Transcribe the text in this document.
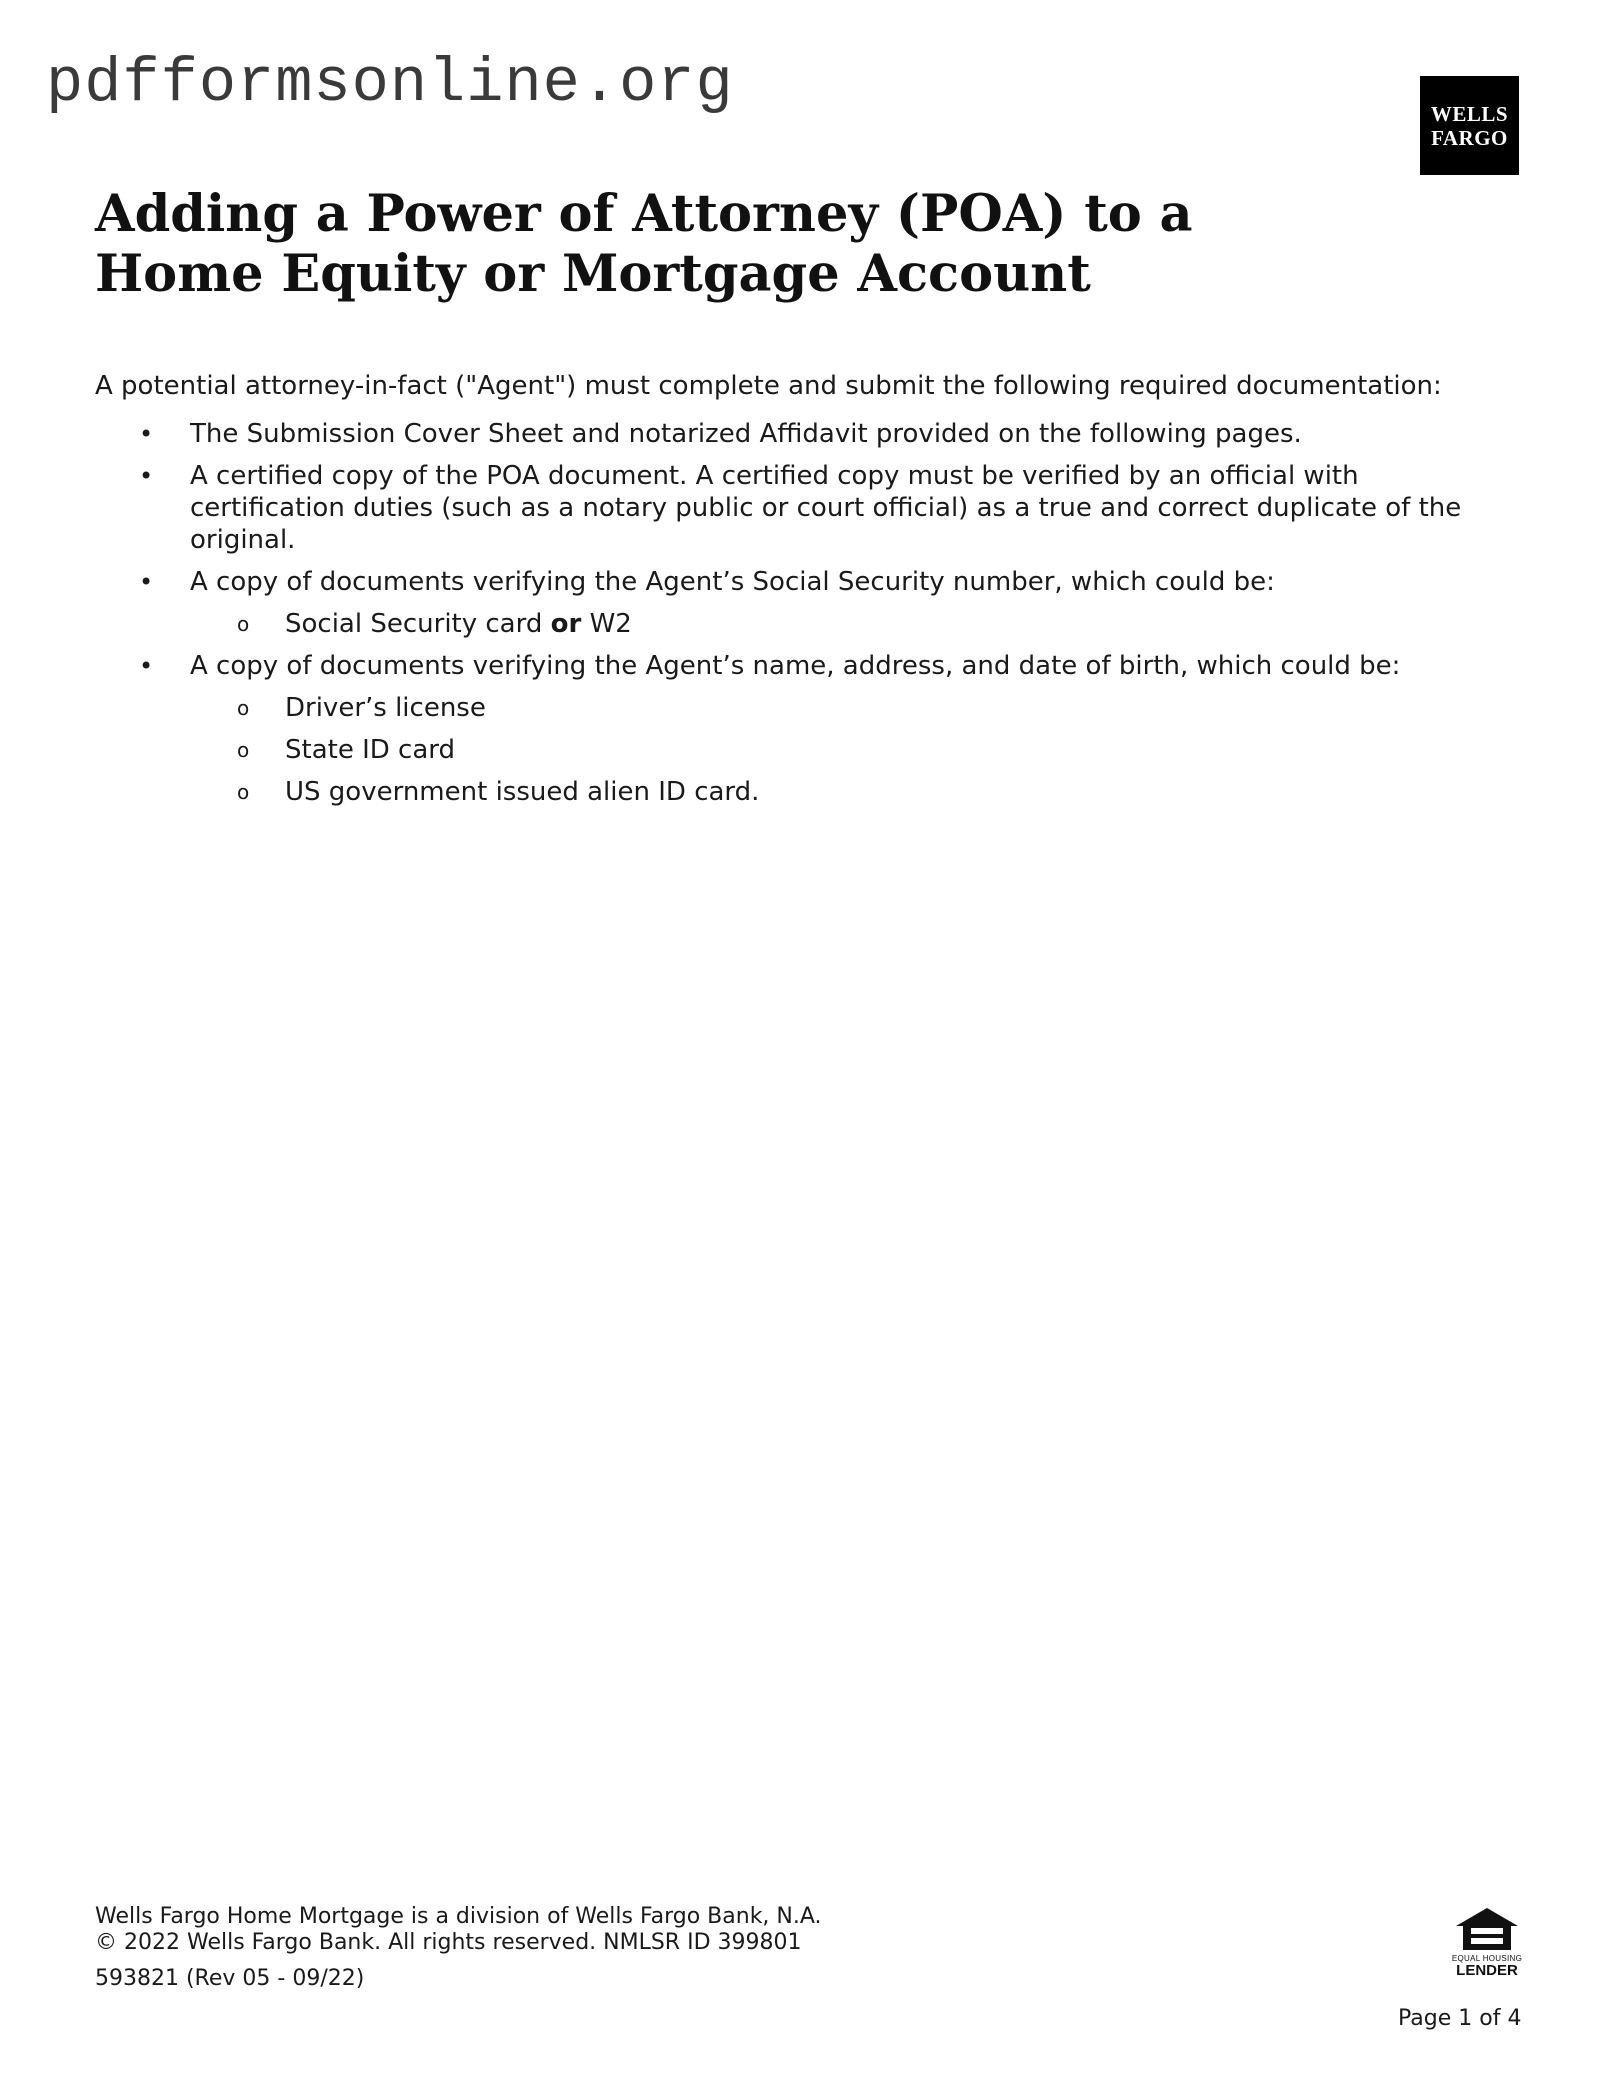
pdfformsonline.org	WELLS
FARGO
Adding a Power of Attorney (POA) to a
Home Equity or Mortgage Account

A potential attorney-in-fact ("Agent") must complete and submit the following required documentation:

• The Submission Cover Sheet and notarized Affidavit provided on the following pages.
• A certified copy of the POA document. A certified copy must be verified by an official with certification duties (such as a notary public or court official) as a true and correct duplicate of the original.
• A copy of documents verifying the Agent’s Social Security number, which could be:
o Social Security card or W2
• A copy of documents verifying the Agent’s name, address, and date of birth, which could be:
o Driver’s license
o State ID card
o US government issued alien ID card.
Wells Fargo Home Mortgage is a division of Wells Fargo Bank, N.A.
© 2022 Wells Fargo Bank. All rights reserved. NMLSR ID 399801
593821 (Rev 05 - 09/22)
EQUAL HOUSING
LENDER
Page 1 of 4
